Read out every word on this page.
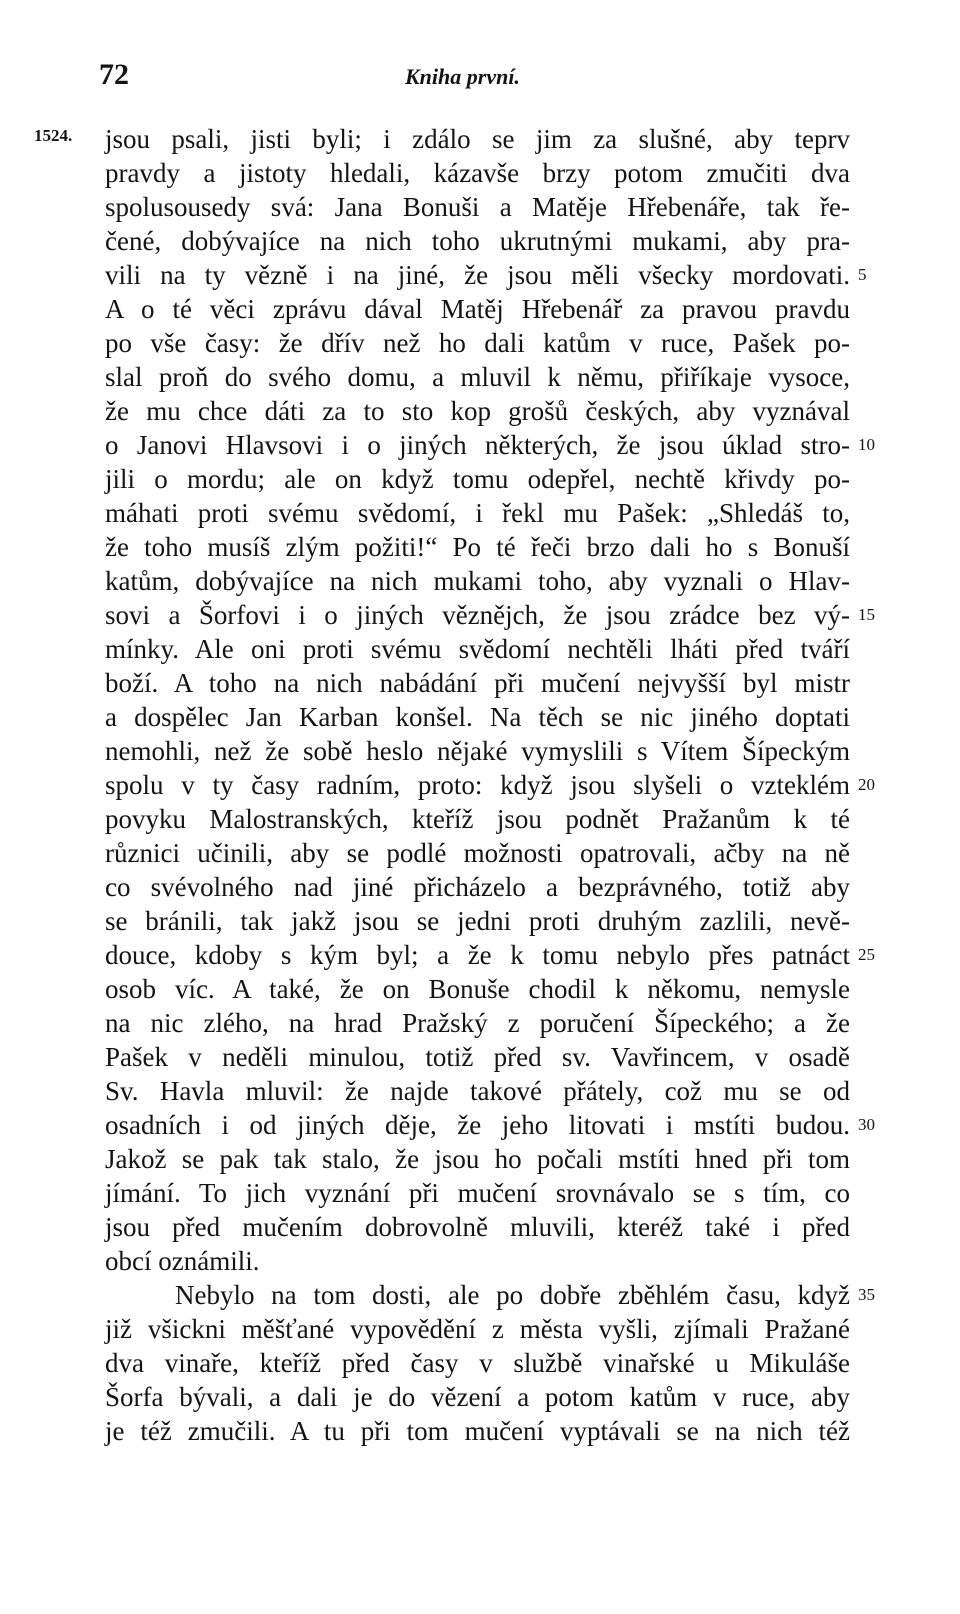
72	Kniha první.
1524. jsou psali, jisti byli; i zdálo se jim za slušné, aby teprv
pravdy a jistoty hledali, kázavše brzy potom zmučiti dva
spolusousedy svá: Jana Bonuši a Matěje Hřebenáře, tak ře-
čené, dobývajíce na nich toho ukrutnými mukami, aby pra-
vili na ty vězně i na jiné, že jsou měli všecky mordovati.
A o té věci zprávu dával Matěj Hřebenář za pravou pravdu
po vše časy: že dřív než ho dali katům v ruce, Pašek po-
slal proň do svého domu, a mluvil k němu, přiříkaje vysoce,
že mu chce dáti za to sto kop grošů českých, aby vyznával
o Janovi Hlavsovi i o jiných některých, že jsou úklad stro-
jili o mordu; ale on když tomu odepřel, nechtě křivdy po-
máhati proti svému svědomí, i řekl mu Pašek: „Shledáš to,
že toho musíš zlým požiti!“ Po té řeči brzo dali ho s Bonuší
katům, dobývajíce na nich mukami toho, aby vyznali o Hlav-
sovi a Šorfovi i o jiných věznějch, že jsou zrádce bez vý-
mínky. Ale oni proti svému svědomí nechtěli lháti před tváří
boží. A toho na nich nabádání při mučení nejvyšší byl mistr
a dospělec Jan Karban konšel. Na těch se nic jiného doptati
nemohli, než že sobě heslo nějaké vymyslili s Vítem Šípeckým
spolu v ty časy radním, proto: když jsou slyšeli o vzteklém
povyku Malostranských, kteříž jsou podnět Pražanům k té
různici učinili, aby se podlé možnosti opatrovali, ačby na ně
co svévolného nad jiné přicházelo a bezprávného, totiž aby
se bránili, tak jakž jsou se jedni proti druhým zazlili, nevě-
douce, kdoby s kým byl; a že k tomu nebylo přes patnáct
osob víc. A také, že on Bonuše chodil k někomu, nemysle
na nic zlého, na hrad Pražský z poručení Šípeckého; a že
Pašek v neděli minulou, totiž před sv. Vavřincem, v osadě
Sv. Havla mluvil: že najde takové přátely, což mu se od
osadních i od jiných děje, že jeho litovati i mstíti budou.
Jakož se pak tak stalo, že jsou ho počali mstíti hned při tom
jímání. To jich vyznání při mučení srovnávalo se s tím, co
jsou před mučením dobrovolně mluvili, kteréž také i před
obcí oznámili.
Nebylo na tom dosti, ale po dobře zběhlém času, když
již všickni měšťané vypovědění z města vyšli, zjímali Pražané
dva vinaře, kteříž před časy v službě vinařské u Mikuláše
Šorfa bývali, a dali je do vězení a potom katům v ruce, aby
je též zmučili. A tu při tom mučení vyptávali se na nich též
5
10
15
20
25
30
35
